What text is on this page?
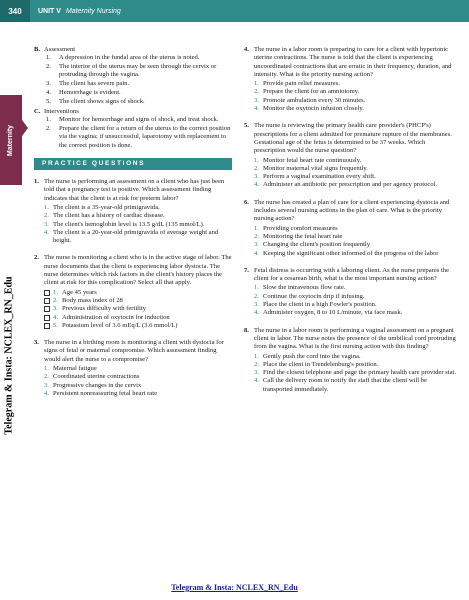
340	UNIT V Maternity Nursing
Maternity
Telegram & Insta: NCLEX_RN_Edu
B. Assessment
1.	A depression in the fundal area of the uterus is noted.
2.	The interior of the uterus may be seen through the cervix or protruding through the vagina.
3.	The client has severe pain.
4.	Hemorrhage is evident.
5.	The client shows signs of shock.
C. Interventions
1.	Monitor for hemorrhage and signs of shock, and treat shock.
2.	Prepare the client for a return of the uterus to the correct position via the vagina; if unsuccessful, laparotomy with replacement to the correct position is done.
PRACTICE QUESTIONS
1. The nurse is performing an assessment on a client who has just been told that a pregnancy test is positive. Which assessment finding indicates that the client is at risk for preterm labor?
1. The client is a 35-year-old primigravida.
2. The client has a history of cardiac disease.
3. The client's hemoglobin level is 13.5 g/dL (135 mmol/L).
4. The client is a 20-year-old primigravida of average weight and height.
2. The nurse is monitoring a client who is in the active stage of labor. The nurse documents that the client is experiencing labor dystocia. The nurse determines which risk factors in the client's history places the client at risk for this complication? Select all that apply.
1. Age 45 years
2. Body mass index of 28
3. Previous difficulty with fertility
4. Administration of oxytocin for induction
5. Potassium level of 3.6 mEq/L (3.6 mmol/L)
3. The nurse in a birthing room is monitoring a client with dystocia for signs of fetal or maternal compromise. Which assessment finding would alert the nurse to a compromise?
1. Maternal fatigue
2. Coordinated uterine contractions
3. Progressive changes in the cervix
4. Persistent nonreassuring fetal heart rate
4. The nurse in a labor room is preparing to care for a client with hypertonic uterine contractions. The nurse is told that the client is experiencing uncoordinated contractions that are erratic in their frequency, duration, and intensity. What is the priority nursing action?
1. Provide pain relief measures.
2. Prepare the client for an amniotomy.
3. Promote ambulation every 30 minutes.
4. Monitor the oxytocin infusion closely.
5. The nurse is reviewing the primary health care provider's (PHCP's) prescriptions for a client admitted for premature rupture of the membranes. Gestational age of the fetus is determined to be 37 weeks. Which prescription would the nurse question?
1. Monitor fetal heart rate continuously.
2. Monitor maternal vital signs frequently.
3. Perform a vaginal examination every shift.
4. Administer an antibiotic per prescription and per agency protocol.
6. The nurse has created a plan of care for a client experiencing dystocia and includes several nursing actions in the plan of care. What is the priority nursing action?
1. Providing comfort measures
2. Monitoring the fetal heart rate
3. Changing the client's position frequently
4. Keeping the significant other informed of the progress of the labor
7. Fetal distress is occurring with a laboring client. As the nurse prepares the client for a cesarean birth, what is the most important nursing action?
1. Slow the intravenous flow rate.
2. Continue the oxytocin drip if infusing.
3. Place the client in a high Fowler's position.
4. Administer oxygen, 8 to 10 L/minute, via face mask.
8. The nurse in a labor room is performing a vaginal assessment on a pregnant client in labor. The nurse notes the presence of the umbilical cord protruding from the vagina. What is the first nursing action with this finding?
1. Gently push the cord into the vagina.
2. Place the client in Trendelenburg's position.
3. Find the closest telephone and page the primary health care provider stat.
4. Call the delivery room to notify the staff that the client will be transported immediately.
Telegram & Insta: NCLEX_RN_Edu
